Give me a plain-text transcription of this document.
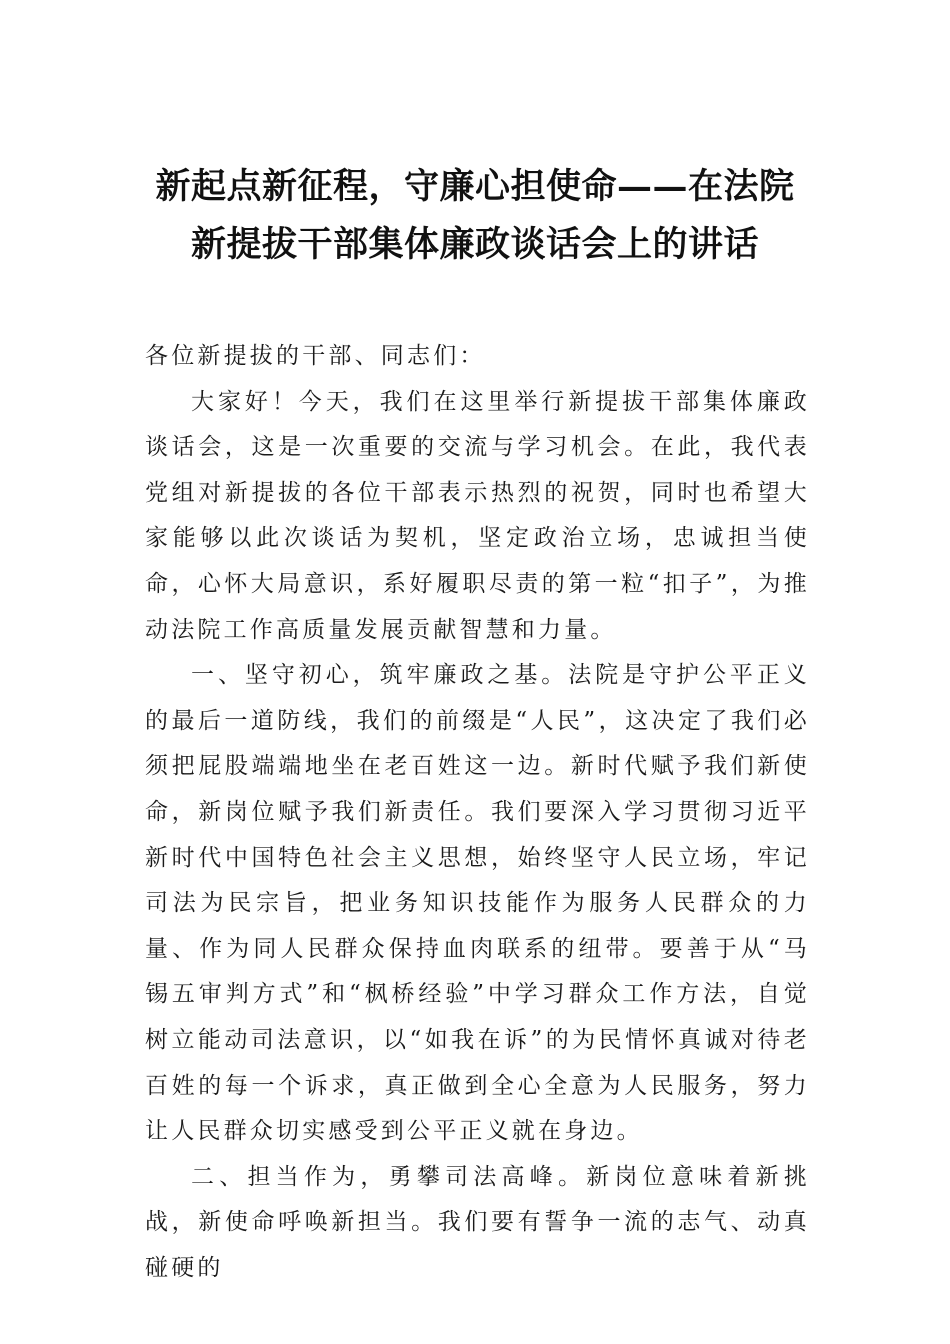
新起点新征程，守廉心担使命——在法院
新提拔干部集体廉政谈话会上的讲话

各位新提拔的干部、同志们：

大家好！今天，我们在这里举行新提拔干部集体廉政谈话会，这是一次重要的交流与学习机会。在此，我代表党组对新提拔的各位干部表示热烈的祝贺，同时也希望大家能够以此次谈话为契机，坚定政治立场，忠诚担当使命，心怀大局意识，系好履职尽责的第一粒“扣子”，为推动法院工作高质量发展贡献智慧和力量。

一、坚守初心，筑牢廉政之基。法院是守护公平正义的最后一道防线，我们的前缀是“人民”，这决定了我们必须把屁股端端地坐在老百姓这一边。新时代赋予我们新使命，新岗位赋予我们新责任。我们要深入学习贯彻习近平新时代中国特色社会主义思想，始终坚守人民立场，牢记司法为民宗旨，把业务知识技能作为服务人民群众的力量、作为同人民群众保持血肉联系的纽带。要善于从“马锡五审判方式”和“枫桥经验”中学习群众工作方法，自觉树立能动司法意识，以“如我在诉”的为民情怀真诚对待老百姓的每一个诉求，真正做到全心全意为人民服务，努力让人民群众切实感受到公平正义就在身边。

二、担当作为，勇攀司法高峰。新岗位意味着新挑战，新使命呼唤新担当。我们要有誓争一流的志气、动真碰硬的
